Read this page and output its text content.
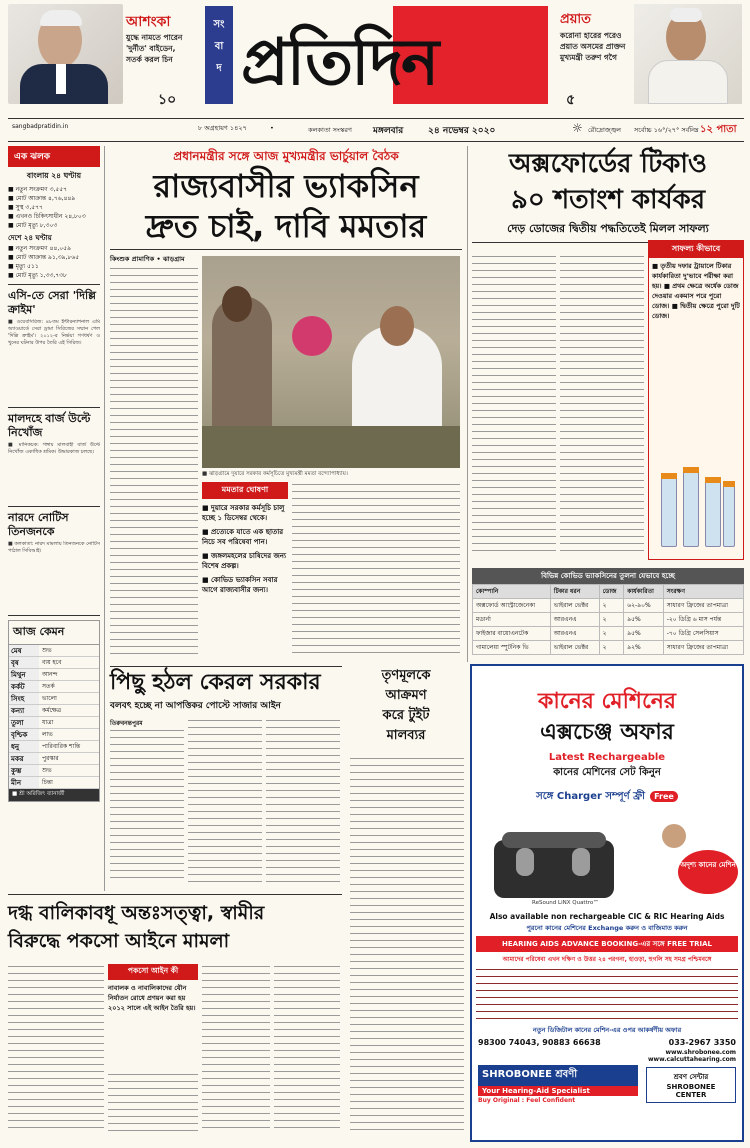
আশংকা
যুদ্ধে নামতে পারেন 'দুর্নীত' বাইডেন, সতর্ক করল চিন
১০
সং বা দ প্রতিদিন
প্রয়াত
করোনা হারের পরেও প্রয়াত অসমের প্রাক্তন মুখ্যমন্ত্রী তরুণ গগৈ
৫
sangbadpratidin.in	৮ অগ্রহায়ণ ১৪২৭	•	কলকাতা সংস্করণ মঙ্গলবার	২৪ নভেম্বর ২০২০	☼ রৌদ্রোজ্জ্বল সর্বোচ্চ ১৬°/২৭° সর্বনিম্ন ১২ পাতা
এক ঝলক
বাংলায় ২৪ ঘণ্টায়
■ নতুন সংক্রমণ ৩,৫৫৭
■ মোট আক্রান্ত ৪,৭৬,৪৪৯
■ সুস্থ ৩,৫৭৭
■ এখনও চিকিৎসাধীন ২৪,৮০৩
■ মোট মৃত্যু ৮,৩০৩
দেশে ২৪ ঘণ্টায়
■ নতুন সংক্রমণ ৪৪,০৫৯
■ মোট আক্রান্ত ৯১,৩৯,৮৬৫
■ মৃত্যু ৫১১
■ মোট মৃত্যু ১,৩৩,৭৩৮
এসি-তে সেরা 'দিল্লি ক্রাইম'
■ ওয়েবসিরিজ: ৪৮তম ইন্টারন্যাশনাল এমি অ্যাওয়ার্ডে সেরা ড্রামা সিরিজের সম্মান পেল 'দিল্লি ক্রাইম'। ২০১২-র নির্ভয়া গণধর্ষণ ও খুনের ঘটনার উপর তৈরি এই সিরিজ।
মালদহে বার্জ উল্টে নিখোঁজ
■ মানিকচক: গঙ্গায় মালবাহী বার্জ উল্টে নিখোঁজ একাধিক শ্রমিক। উদ্ধারকাজ চলছে।
নারদে নোটিস তিনজনকে
■ কলকাতা: নারদ মামলায় তিনজনকে নোটিস পাঠাল সিবিআই।
আজ কেমন
মেষ	শুভ
বৃষ	ব্যয় হবে
মিথুন	আনন্দ
কর্কট	সতর্ক
সিংহ	ভালো
কন্যা	কর্মক্ষেত্র
তুলা	যাত্রা
বৃশ্চিক	লাভ
ধনু	পারিবারিক শান্তি
মকর	পুরস্কার
কুম্ভ	শুভ
মীন	চিন্তা
■ শ্রী অরিজিৎ ব্যানার্জী
প্রধানমন্ত্রীর সঙ্গে আজ মুখ্যমন্ত্রীর ভার্চুয়াল বৈঠক
রাজ্যবাসীর ভ্যাকসিন
দ্রুত চাই, দাবি মমতার
কিংশুক প্রামাণিক • ঝাড়গ্রাম
■ ঝাড়গ্রামে দুয়ারে সরকার কর্মসূচিতে মুখ্যমন্ত্রী মমতা বন্দ্যোপাধ্যায়।
মমতার ঘোষণা
■ দুয়ারে সরকার কর্মসূচি চালু হচ্ছে ১ ডিসেম্বর থেকে।
■ প্রত্যেকে যাতে এক ছাতার নিচে সব পরিষেবা পান।
■ জঙ্গলমহলের চাষিদের জন্য বিশেষ প্রকল্প।
■ কোভিড ভ্যাকসিন সবার আগে রাজ্যবাসীর জন্য।
অক্সফোর্ডের টিকাও
৯০ শতাংশ কার্যকর
দেড় ডোজের দ্বিতীয় পদ্ধতিতেই মিলল সাফল্য
সাফল্য কীভাবে
■ তৃতীয় দফার ট্রায়ালে টিকার কার্যকারিতা দু'ভাবে পরীক্ষা করা হয়। ■ প্রথম ক্ষেত্রে অর্ধেক ডোজ দেওয়ার একমাস পরে পুরো ডোজ। ■ দ্বিতীয় ক্ষেত্রে পুরো দুটি ডোজ।
বিভিন্ন কোভিড ভ্যাকসিনের তুলনা যেভাবে হচ্ছে
কোম্পানি	টিকার ধরন	ডোজ	কার্যকারিতা	সংরক্ষণ
অক্সফোর্ড অ্যাস্ট্রাজেনেকা	ভাইরাল ভেক্টর	২	৬২-৯০%	সাধারণ ফ্রিজের তাপমাত্রা
মডার্না	আরএনএ	২	৯৫%	-২০ ডিগ্রি ৬ মাস পর্যন্ত
ফাইজার বায়োএনটেক	আরএনএ	২	৯৫%	-৭০ ডিগ্রি সেলসিয়াস
গামালেয়া স্পুটনিক ভি	ভাইরাল ভেক্টর	২	৯২%	সাধারণ ফ্রিজের তাপমাত্রা
পিছু হঠল কেরল সরকার
বলবৎ হচ্ছে না আপত্তিকর পোস্টে সাজার আইন
তিরুবনন্তপুরম
তৃণমূলকে
আক্রমণ
করে টুইট
মালব্যর
দগ্ধ বালিকাবধূ অন্তঃসত্ত্বা, স্বামীর
বিরুদ্ধে পকসো আইনে মামলা
পকসো আইন কী
নাবালক ও নাবালিকাদের যৌন নির্যাতন রোধে প্রণয়ন করা হয় ২০১২ সালে এই আইন তৈরি হয়।
কানের মেশিনের
এক্সচেঞ্জ অফার
Latest Rechargeable
কানের মেশিনের সেট কিনুন
সঙ্গে Charger সম্পূর্ণ ফ্রী Free
ReSound LiNX Quattro™
অদৃশ্য কানের মেশিন
Also available non rechargeable CIC & RIC Hearing Aids
পুরনো কানের মেশিনের Exchange করুন ও বাজিমাত করুন
HEARING AIDS ADVANCE BOOKING-এর সঙ্গে FREE TRIAL
আমাদের পরিষেবা এখন দক্ষিণ ও উত্তর ২৪ পরগনা, হাওড়া, হুগলি সহ সমগ্র পশ্চিমবঙ্গে
নতুন ডিজিটাল কানের মেশিন-এর ওপর আকর্ষণীয় অফার
98300 74043, 90883 66638	033-2967 3350
www.shrobonee.com
www.calcuttahearing.com
SHROBONEE শ্রবণী
Your Hearing-Aid Specialist
Buy Original : Feel Confident
শ্রবণ সেন্টার SHROBONEE CENTER
